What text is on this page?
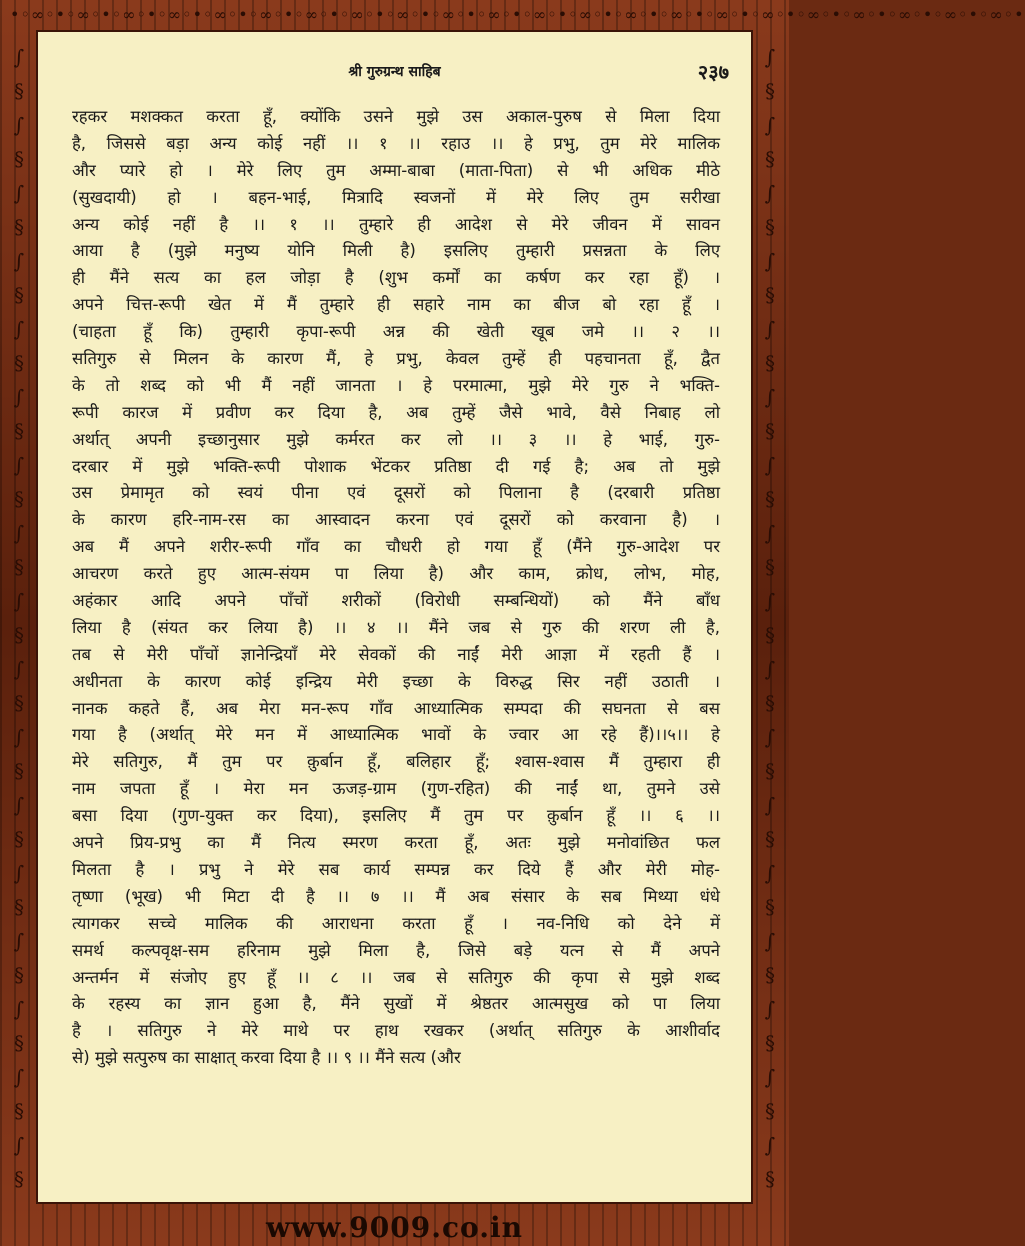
•◦∞◦•◦∞◦•◦∞◦•◦∞◦•◦∞◦•◦∞◦•◦∞◦•◦∞◦•◦∞◦•◦∞◦•◦∞◦•◦∞◦•◦∞◦•◦∞◦•◦∞◦•◦∞◦•◦∞◦•◦∞◦•◦∞◦•◦∞◦•◦∞◦•◦∞◦•
∫
§
∫
§
∫
§
∫
§
∫
§
∫
§
∫
§
∫
§
∫
§
∫
§
∫
§
∫
§
∫
§
∫
§
∫
§
∫
§
∫
§
∫
§
∫
§
∫
§
∫
§
∫
§
∫
§
∫
§
∫
§
∫
§
∫
§
∫
§
∫
§
∫
§
∫
§
∫
§
∫
§
∫
§
श्री गुरुग्रन्थ साहिब	२३७
रहकर मशक्कत करता हूँ, क्योंकि उसने मुझे उस अकाल-पुरुष से मिला दिया
है, जिससे बड़ा अन्य कोई नहीं ।। १ ।। रहाउ ।। हे प्रभु, तुम मेरे मालिक
और प्यारे हो । मेरे लिए तुम अम्मा-बाबा (माता-पिता) से भी अधिक मीठे
(सुखदायी) हो । बहन-भाई, मित्रादि स्वजनों में मेरे लिए तुम सरीखा
अन्य कोई नहीं है ।। १ ।। तुम्हारे ही आदेश से मेरे जीवन में सावन
आया है (मुझे मनुष्य योनि मिली है) इसलिए तुम्हारी प्रसन्नता के लिए
ही मैंने सत्य का हल जोड़ा है (शुभ कर्मों का कर्षण कर रहा हूँ) ।
अपने चित्त-रूपी खेत में मैं तुम्हारे ही सहारे नाम का बीज बो रहा हूँ ।
(चाहता हूँ कि) तुम्हारी कृपा-रूपी अन्न की खेती खूब जमे ।। २ ।।
सतिगुरु से मिलन के कारण मैं, हे प्रभु, केवल तुम्हें ही पहचानता हूँ, द्वैत
के तो शब्द को भी मैं नहीं जानता । हे परमात्मा, मुझे मेरे गुरु ने भक्ति-
रूपी कारज में प्रवीण कर दिया है, अब तुम्हें जैसे भावे, वैसे निबाह लो
अर्थात् अपनी इच्छानुसार मुझे कर्मरत कर लो ।। ३ ।। हे भाई, गुरु-
दरबार में मुझे भक्ति-रूपी पोशाक भेंटकर प्रतिष्ठा दी गई है; अब तो मुझे
उस प्रेमामृत को स्वयं पीना एवं दूसरों को पिलाना है (दरबारी प्रतिष्ठा
के कारण हरि-नाम-रस का आस्वादन करना एवं दूसरों को करवाना है) ।
अब मैं अपने शरीर-रूपी गाँव का चौधरी हो गया हूँ (मैंने गुरु-आदेश पर
आचरण करते हुए आत्म-संयम पा लिया है) और काम, क्रोध, लोभ, मोह,
अहंकार आदि अपने पाँचों शरीकों (विरोधी सम्बन्धियों) को मैंने बाँध
लिया है (संयत कर लिया है) ।। ४ ।। मैंने जब से गुरु की शरण ली है,
तब से मेरी पाँचों ज्ञानेन्द्रियाँ मेरे सेवकों की नाईं मेरी आज्ञा में रहती हैं ।
अधीनता के कारण कोई इन्द्रिय मेरी इच्छा के विरुद्ध सिर नहीं उठाती ।
नानक कहते हैं, अब मेरा मन-रूप गाँव आध्यात्मिक सम्पदा की सघनता से बस
गया है (अर्थात् मेरे मन में आध्यात्मिक भावों के ज्वार आ रहे हैं)।।५।। हे
मेरे सतिगुरु, मैं तुम पर क़ुर्बान हूँ, बलिहार हूँ; श्वास-श्वास मैं तुम्हारा ही
नाम जपता हूँ । मेरा मन ऊजड़-ग्राम (गुण-रहित) की नाईं था, तुमने उसे
बसा दिया (गुण-युक्त कर दिया), इसलिए मैं तुम पर क़ुर्बान हूँ ।। ६ ।।
अपने प्रिय-प्रभु का मैं नित्य स्मरण करता हूँ, अतः मुझे मनोवांछित फल
मिलता है । प्रभु ने मेरे सब कार्य सम्पन्न कर दिये हैं और मेरी मोह-
तृष्णा (भूख) भी मिटा दी है ।। ७ ।। मैं अब संसार के सब मिथ्या धंधे
त्यागकर सच्चे मालिक की आराधना करता हूँ । नव-निधि को देने में
समर्थ कल्पवृक्ष-सम हरिनाम मुझे मिला है, जिसे बड़े यत्न से मैं अपने
अन्तर्मन में संजोए हुए हूँ ।। ८ ।। जब से सतिगुरु की कृपा से मुझे शब्द
के रहस्य का ज्ञान हुआ है, मैंने सुखों में श्रेष्ठतर आत्मसुख को पा लिया
है । सतिगुरु ने मेरे माथे पर हाथ रखकर (अर्थात् सतिगुरु के आशीर्वाद
से) मुझे सत्पुरुष का साक्षात् करवा दिया है ।। ९ ।। मैंने सत्य (और
www.9009.co.in
